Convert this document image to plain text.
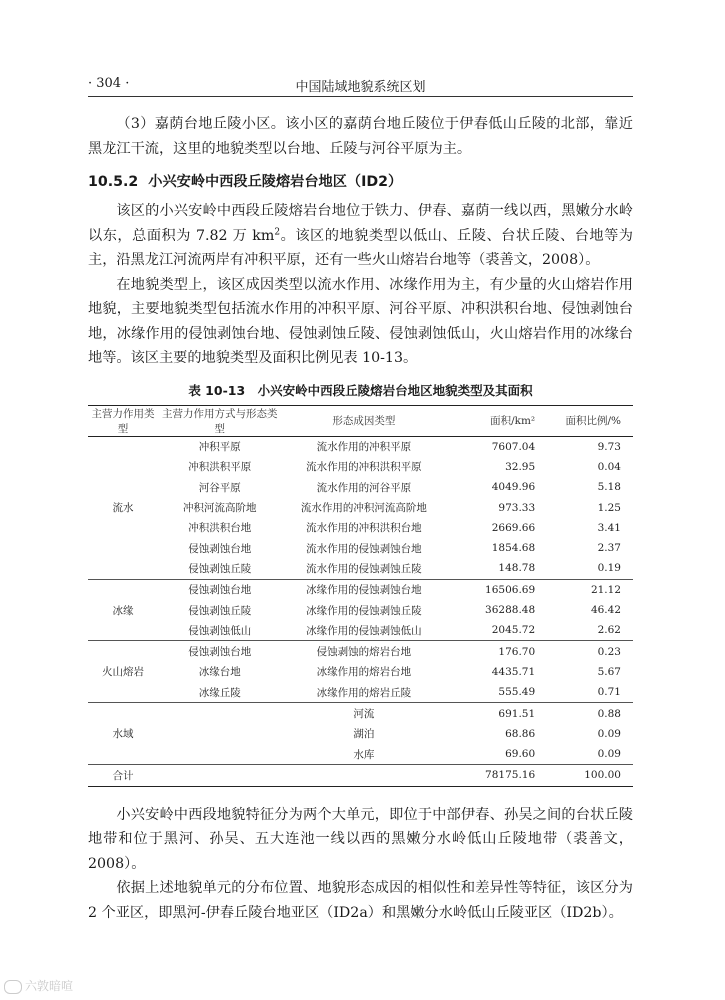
· 304 ·	中国陆域地貌系统区划

（3）嘉荫台地丘陵小区。该小区的嘉荫台地丘陵位于伊春低山丘陵的北部，靠近黑龙江干流，这里的地貌类型以台地、丘陵与河谷平原为主。

10.5.2 小兴安岭中西段丘陵熔岩台地区（ID2）

该区的小兴安岭中西段丘陵熔岩台地位于铁力、伊春、嘉荫一线以西，黑嫩分水岭以东，总面积为 7.82 万 $km^2$。该区的地貌类型以低山、丘陵、台状丘陵、台地等为主，沿黑龙江河流两岸有冲积平原，还有一些火山熔岩台地等（裘善文，2008）。

在地貌类型上，该区成因类型以流水作用、冰缘作用为主，有少量的火山熔岩作用地貌，主要地貌类型包括流水作用的冲积平原、河谷平原、冲积洪积台地、侵蚀剥蚀台地，冰缘作用的侵蚀剥蚀台地、侵蚀剥蚀丘陵、侵蚀剥蚀低山，火山熔岩作用的冰缘台地等。该区主要的地貌类型及面积比例见表 10-13。

表 10-13　小兴安岭中西段丘陵熔岩台地区地貌类型及其面积
主营力作用类型	主营力作用方式与形态类型	形态成因类型	面积/km²	面积比例/%
流水	冲积平原	流水作用的冲积平原	7607.04	9.73
	冲积洪积平原	流水作用的冲积洪积平原	32.95	0.04
	河谷平原	流水作用的河谷平原	4049.96	5.18
	冲积河流高阶地	流水作用的冲积河流高阶地	973.33	1.25
	冲积洪积台地	流水作用的冲积洪积台地	2669.66	3.41
	侵蚀剥蚀台地	流水作用的侵蚀剥蚀台地	1854.68	2.37
	侵蚀剥蚀丘陵	流水作用的侵蚀剥蚀丘陵	148.78	0.19
冰缘	侵蚀剥蚀台地	冰缘作用的侵蚀剥蚀台地	16506.69	21.12
	侵蚀剥蚀丘陵	冰缘作用的侵蚀剥蚀丘陵	36288.48	46.42
	侵蚀剥蚀低山	冰缘作用的侵蚀剥蚀低山	2045.72	2.62
火山熔岩	侵蚀剥蚀台地	侵蚀剥蚀的熔岩台地	176.70	0.23
	冰缘台地	冰缘作用的熔岩台地	4435.71	5.67
	冰缘丘陵	冰缘作用的熔岩丘陵	555.49	0.71
水域		河流	691.51	0.88
		湖泊	68.86	0.09
		水库	69.60	0.09
合计			78175.16	100.00

小兴安岭中西段地貌特征分为两个大单元，即位于中部伊春、孙吴之间的台状丘陵地带和位于黑河、孙吴、五大连池一线以西的黑嫩分水岭低山丘陵地带（裘善文，2008）。

依据上述地貌单元的分布位置、地貌形态成因的相似性和差异性等特征，该区分为 2 个亚区，即黑河-伊春丘陵台地亚区（ID2a）和黑嫩分水岭低山丘陵亚区（ID2b）。

六敦暗喧
